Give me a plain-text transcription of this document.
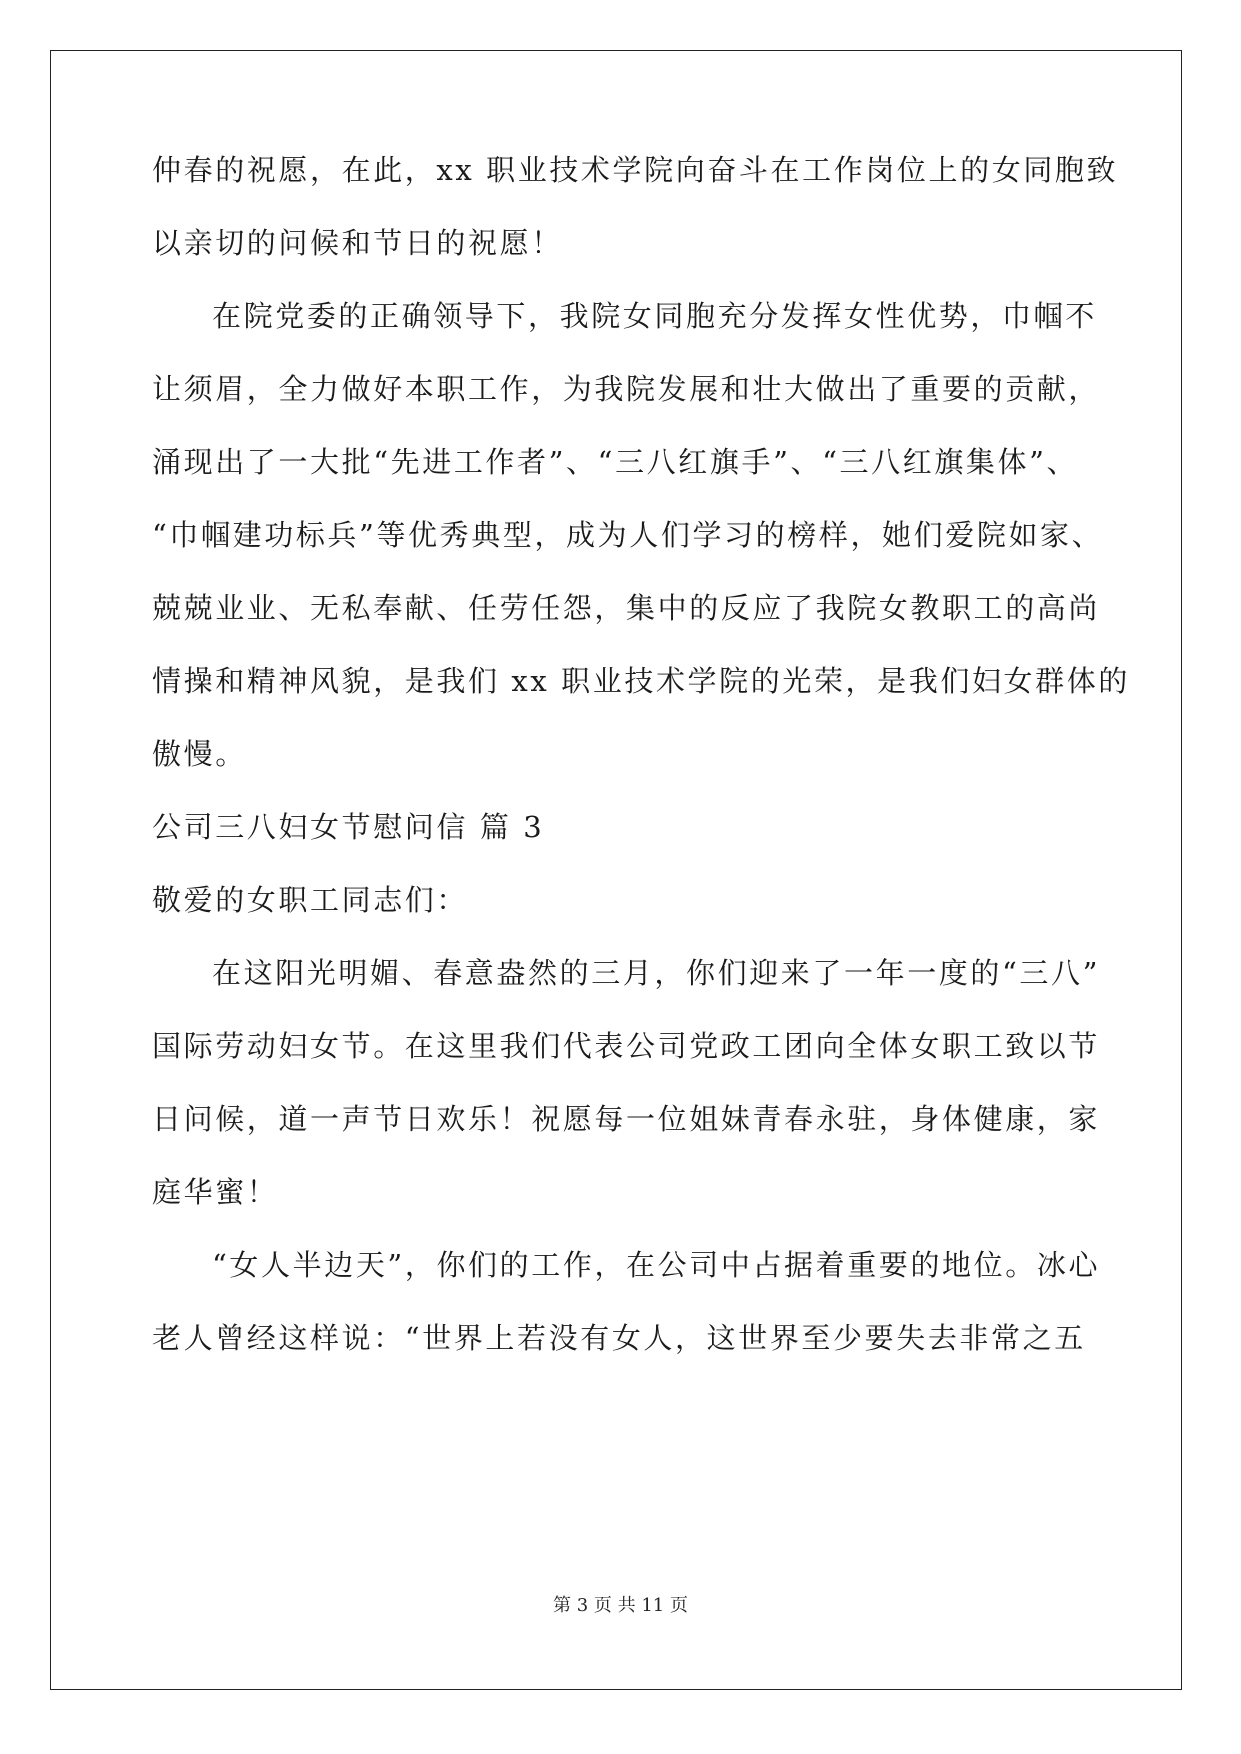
仲春的祝愿，在此，xx 职业技术学院向奋斗在工作岗位上的女同胞致
以亲切的问候和节日的祝愿！
在院党委的正确领导下，我院女同胞充分发挥女性优势，巾帼不
让须眉，全力做好本职工作，为我院发展和壮大做出了重要的贡献，
涌现出了一大批“先进工作者”、“三八红旗手”、“三八红旗集体”、
“巾帼建功标兵”等优秀典型，成为人们学习的榜样，她们爱院如家、
兢兢业业、无私奉献、任劳任怨，集中的反应了我院女教职工的高尚
情操和精神风貌，是我们 xx 职业技术学院的光荣，是我们妇女群体的
傲慢。
公司三八妇女节慰问信 篇 3
敬爱的女职工同志们：
在这阳光明媚、春意盎然的三月，你们迎来了一年一度的“三八”
国际劳动妇女节。在这里我们代表公司党政工团向全体女职工致以节
日问候，道一声节日欢乐！祝愿每一位姐妹青春永驻，身体健康，家
庭华蜜！
“女人半边天”，你们的工作，在公司中占据着重要的地位。冰心
老人曾经这样说：“世界上若没有女人，这世界至少要失去非常之五
第 3 页 共 11 页
